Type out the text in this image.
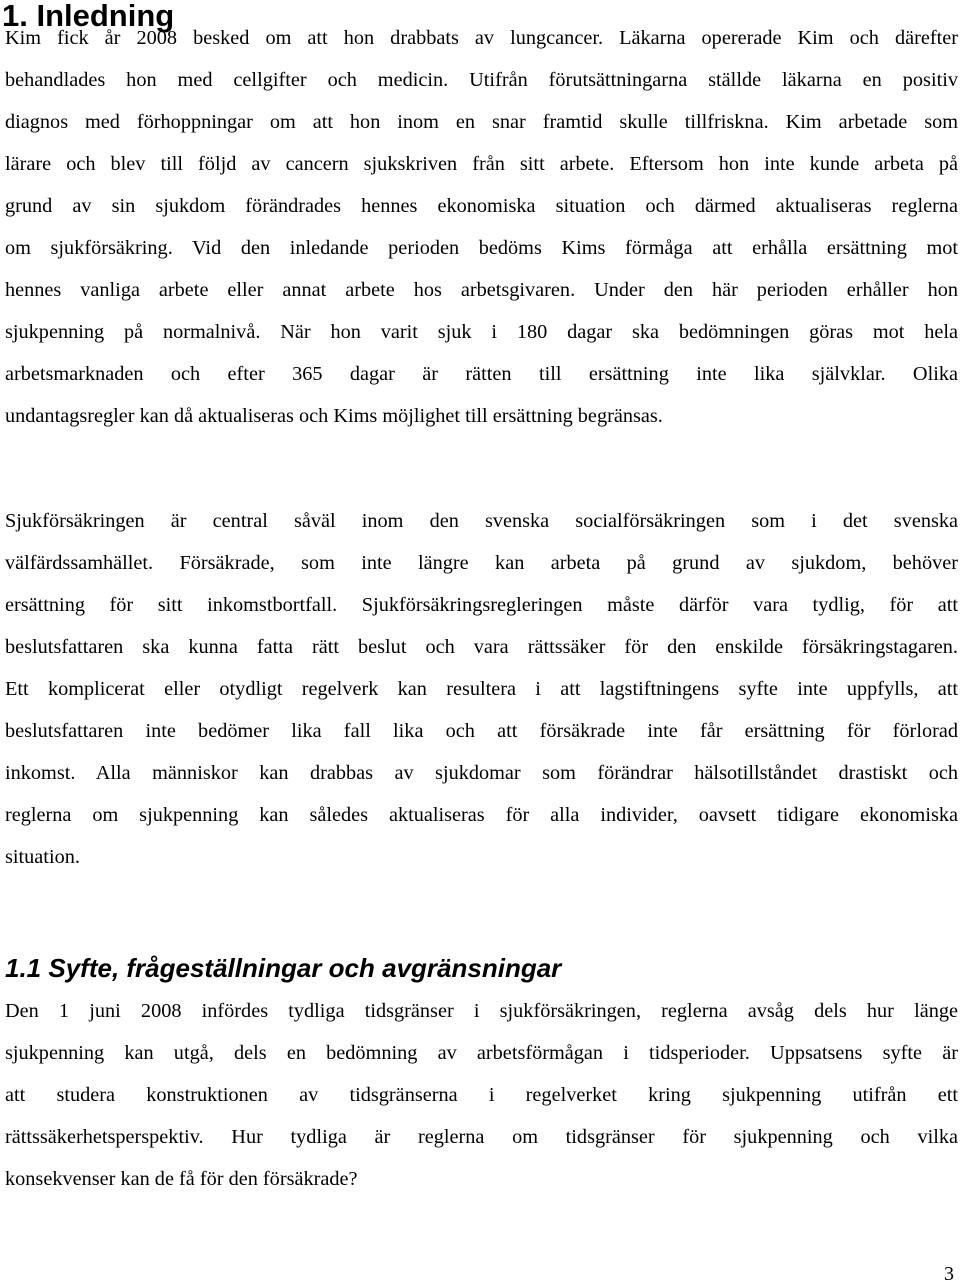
1. Inledning
Kim fick år 2008 besked om att hon drabbats av lungcancer. Läkarna opererade Kim och därefter
behandlades hon med cellgifter och medicin. Utifrån förutsättningarna ställde läkarna en positiv
diagnos med förhoppningar om att hon inom en snar framtid skulle tillfriskna. Kim arbetade som
lärare och blev till följd av cancern sjukskriven från sitt arbete. Eftersom hon inte kunde arbeta på
grund av sin sjukdom förändrades hennes ekonomiska situation och därmed aktualiseras reglerna
om sjukförsäkring. Vid den inledande perioden bedöms Kims förmåga att erhålla ersättning mot
hennes vanliga arbete eller annat arbete hos arbetsgivaren. Under den här perioden erhåller hon
sjukpenning på normalnivå. När hon varit sjuk i 180 dagar ska bedömningen göras mot hela
arbetsmarknaden och efter 365 dagar är rätten till ersättning inte lika självklar. Olika
undantagsregler kan då aktualiseras och Kims möjlighet till ersättning begränsas.
Sjukförsäkringen är central såväl inom den svenska socialförsäkringen som i det svenska
välfärdssamhället. Försäkrade, som inte längre kan arbeta på grund av sjukdom, behöver
ersättning för sitt inkomstbortfall. Sjukförsäkringsregleringen måste därför vara tydlig, för att
beslutsfattaren ska kunna fatta rätt beslut och vara rättssäker för den enskilde försäkringstagaren.
Ett komplicerat eller otydligt regelverk kan resultera i att lagstiftningens syfte inte uppfylls, att
beslutsfattaren inte bedömer lika fall lika och att försäkrade inte får ersättning för förlorad
inkomst. Alla människor kan drabbas av sjukdomar som förändrar hälsotillståndet drastiskt och
reglerna om sjukpenning kan således aktualiseras för alla individer, oavsett tidigare ekonomiska
situation.
1.1 Syfte, frågeställningar och avgränsningar
Den 1 juni 2008 infördes tydliga tidsgränser i sjukförsäkringen, reglerna avsåg dels hur länge
sjukpenning kan utgå, dels en bedömning av arbetsförmågan i tidsperioder. Uppsatsens syfte är
att studera konstruktionen av tidsgränserna i regelverket kring sjukpenning utifrån ett
rättssäkerhetsperspektiv. Hur tydliga är reglerna om tidsgränser för sjukpenning och vilka
konsekvenser kan de få för den försäkrade?
3
